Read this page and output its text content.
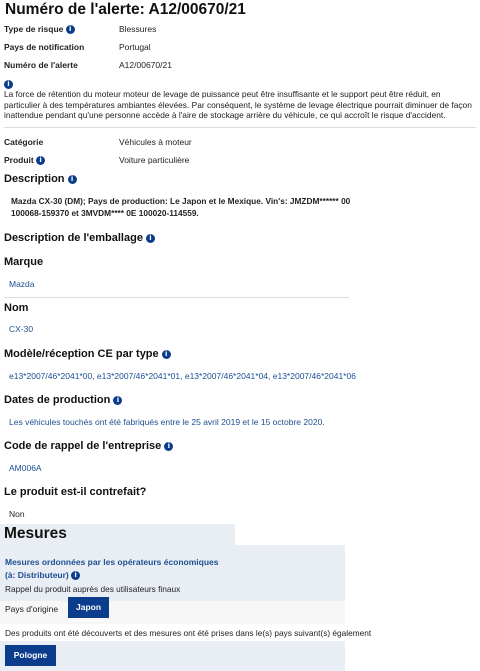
Numéro de l'alerte: A12/00670/21
Type de risque i	Blessures
Pays de notification	Portugal
Numéro de l'alerte	A12/00670/21
i
La force de rétention du moteur moteur de levage de puissance peut être insuffisante et le support peut être réduit, en particulier à des températures ambiantes élevées. Par conséquent, le système de levage électrique pourrait diminuer de façon inattendue pendant qu'une personne accède à l'aire de stockage arrière du véhicule, ce qui accroît le risque d'accident.
Catégorie	Véhicules à moteur
Produit i	Voiture particulière
Description i
Mazda CX-30 (DM); Pays de production: Le Japon et le Mexique. Vin's: JMZDM****** 00 100068-159370 et 3MVDM**** 0E 100020-114559.
Description de l'emballage i
Marque
Mazda
Nom
CX-30
Modèle/réception CE par type i
e13*2007/46*2041*00, e13*2007/46*2041*01, e13*2007/46*2041*04, e13*2007/46*2041*06
Dates de production i
Les véhicules touchés ont été fabriqués entre le 25 avril 2019 et le 15 octobre 2020.
Code de rappel de l'entreprise i
AM006A
Le produit est-il contrefait?
Non
Mesures
Mesures ordonnées par les opérateurs économiques (à: Distributeur) i
Rappel du produit auprès des utilisateurs finaux
Pays d'origine	Japon
Des produits ont été découverts et des mesures ont été prises dans le(s) pays suivant(s) également
Pologne
